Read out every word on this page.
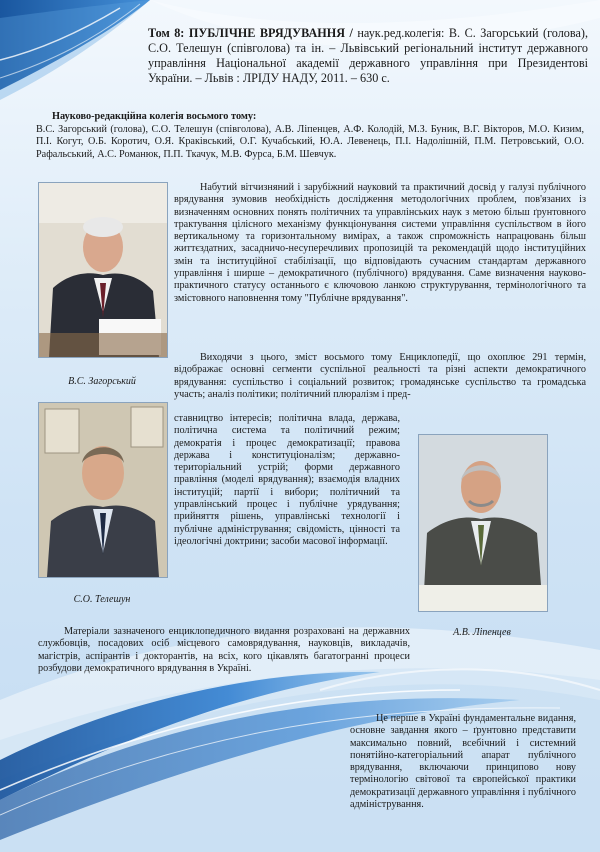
Том 8: ПУБЛІЧНЕ ВРЯДУВАННЯ / наук.ред.колегія: В. С. Загорський (голова), С.О. Телешун (співголова) та ін. – Львівський регіональний інститут державного управління Національної академії державного управління при Президентові України. – Львів : ЛРІДУ НАДУ, 2011. – 630 с.

Науково-редакційна колегія восьмого тому:

В.С. Загорський (голова), С.О. Телешун (співголова), А.В. Ліпенцев, А.Ф. Колодій, М.З. Буник, В.Г. Вікторов, М.О. Кизим, П.І. Когут, О.Б. Коротич, О.Я. Краківський, О.Г. Кучабський, Ю.А. Левенець, П.І. Надолішній, П.М. Петровський, О.О. Рафальський, А.С. Романюк, П.П. Ткачук, М.В. Фурса, Б.М. Шевчук.

В.С. Загорський
С.О. Телешун
А.В. Ліпенцев

Набутий вітчизняний і зарубіжний науковий та практичний досвід у галузі публічного врядування зумовив необхідність дослідження методологічних проблем, пов'язаних із визначенням основних понять політичних та управлінських наук з метою більш ґрунтовного трактування цілісного механізму функціонування системи управління суспільством в його вертикальному та горизонтальному вимірах, а також спроможність напрацювань більш життєздатних, засадничо-несуперечливих пропозицій та рекомендацій щодо інституційних змін та інституційної стабілізації, що відповідають сучасним стандартам державного управління і ширше – демократичного (публічного) врядування. Саме визначення науково-практичного статусу останнього є ключовою ланкою структурування, термінологічного та змістовного наповнення тому "Публічне врядування".

Виходячи з цього, зміст восьмого тому Енциклопедії, що охоплює 291 термін, відображає основні сегменти суспільної реальності та різні аспекти демократичного врядування: суспільство і соціальний розвиток; громадянське суспільство та громадська участь; аналіз політики; політичний плюралізм і пред-

ставництво інтересів; політична влада, держава, політична система та політичний режим; демократія і процес демократизації; правова держава і конституціоналізм; державно-територіальний устрій; форми державного правління (моделі врядування); взаємодія владних інституцій; партії і вибори; політичний та управлінський процес і публічне урядування; прийняття рішень, управлінські технології і публічне адміністрування; свідомість, цінності та ідеологічні доктрини; засоби масової інформації.

Матеріали зазначеного енциклопедичного видання розраховані на державних службовців, посадових осіб місцевого самоврядування, науковців, викладачів, магістрів, аспірантів і докторантів, на всіх, кого цікавлять багатогранні процеси розбудови демократичного врядування в Україні.

Це перше в Україні фундаментальне видання, основне завдання якого – ґрунтовно представити максимально повний, всебічний і системний понятійно-категоріальний апарат публічного врядування, включаючи принципово нову термінологію світової та європейської практики демократизації державного управління і публічного адміністрування.
